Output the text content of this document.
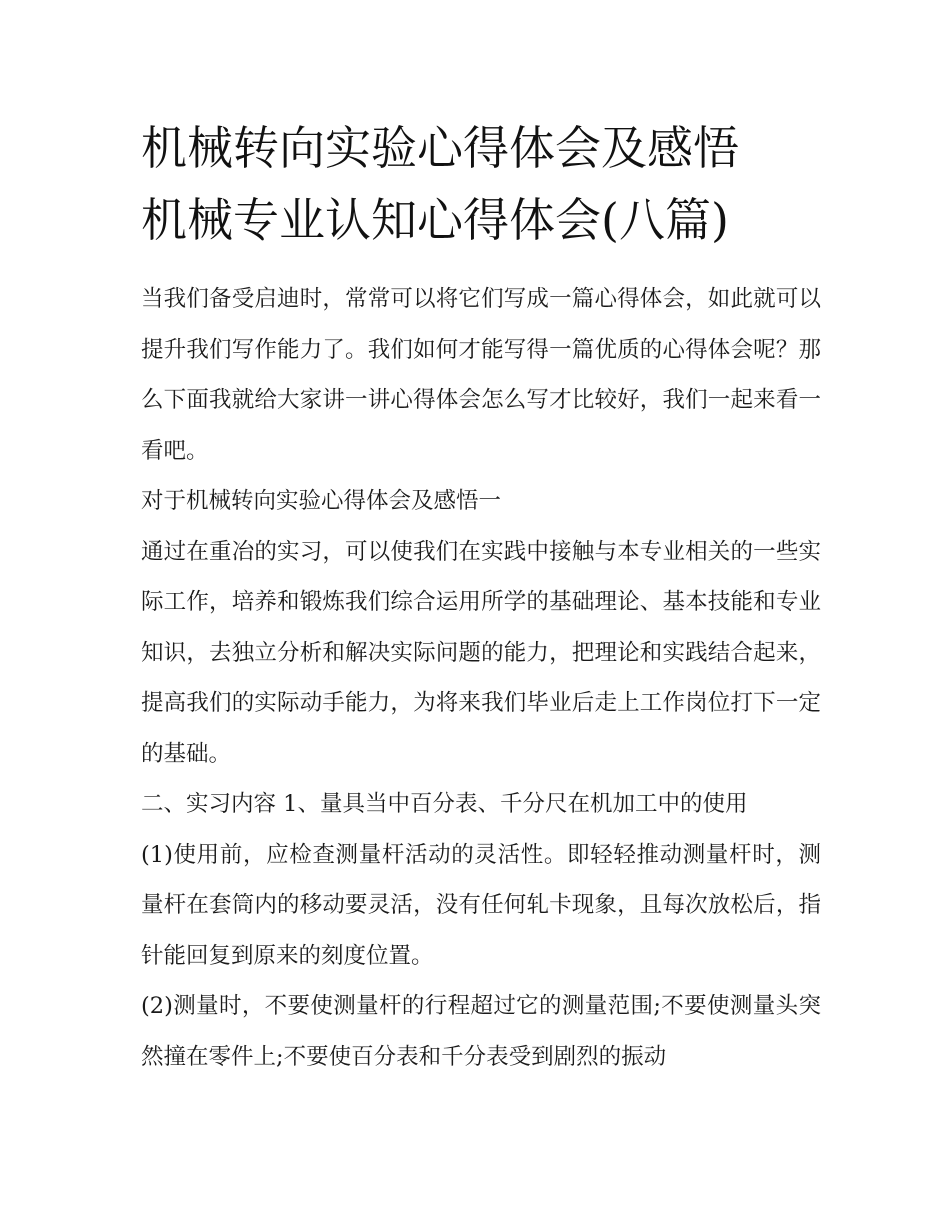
机械转向实验心得体会及感悟
机械专业认知心得体会(八篇)

当我们备受启迪时，常常可以将它们写成一篇心得体会，如此就可以提升我们写作能力了。我们如何才能写得一篇优质的心得体会呢？那么下面我就给大家讲一讲心得体会怎么写才比较好，我们一起来看一看吧。

对于机械转向实验心得体会及感悟一

通过在重冶的实习，可以使我们在实践中接触与本专业相关的一些实际工作，培养和锻炼我们综合运用所学的基础理论、基本技能和专业知识，去独立分析和解决实际问题的能力，把理论和实践结合起来，提高我们的实际动手能力，为将来我们毕业后走上工作岗位打下一定的基础。

二、实习内容 1、量具当中百分表、千分尺在机加工中的使用

(1)使用前，应检查测量杆活动的灵活性。即轻轻推动测量杆时，测量杆在套筒内的移动要灵活，没有任何轧卡现象，且每次放松后，指针能回复到原来的刻度位置。

(2)测量时，不要使测量杆的行程超过它的测量范围;不要使测量头突然撞在零件上;不要使百分表和千分表受到剧烈的振动
